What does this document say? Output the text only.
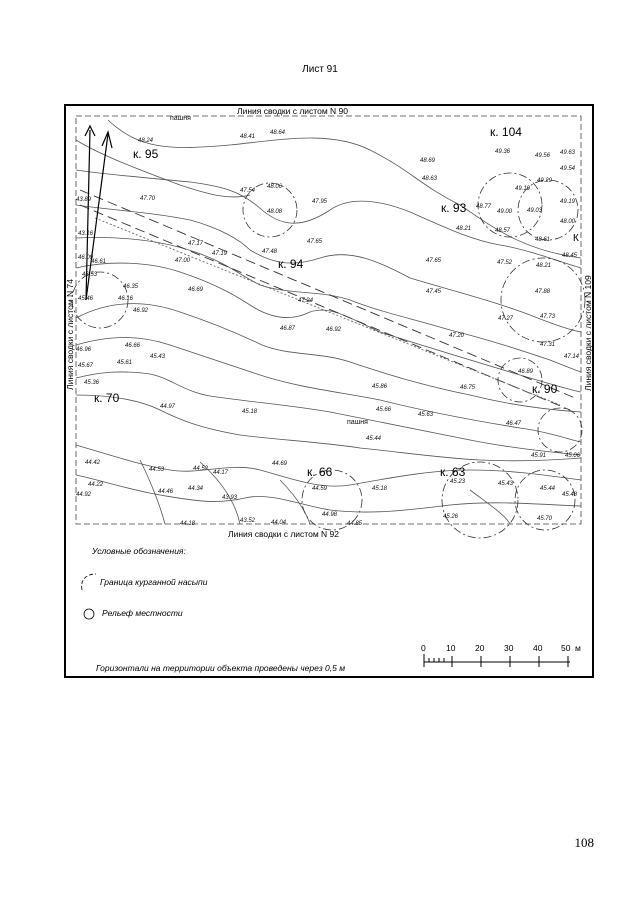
Лист 91
48.24
48.64
48.41
48.69
48.63
49.36
49.56 49.63
49.54
49.29
49.19
49.19
47.70
47.54
48.06
48.08
47.95
48.77
49.00 49.03
48.00
48.21	48.57
48.61
47.48
47.65
47.17
47.19
47.00	47.65	47.52
48.45
48.21
47.88
46.61
46.53
46.35	46.69
47.24
47.45
46.16
46.92
46.87	46.92
47.27	47.73
46.66
46.96
45.61
45.43
45.67
47.20
47.31
47.14
45.36
45.86	46.75
46.89
44.97
45.18	45.66
45.63
46.47
45.44
45.91
44.42
44.53	44.52
44.17
44.69
44.22
44.46 44.34
43.93
44.59	45.18
45.23	45.43
45.44
45.48
44.18	43.52	44.04
44.98
44.85
45.26	45.70
43.16
46.09
43.89
45.46
44.92
45.06
к. 95
к. 104
к. 93
к. 94
к. 70
к. 90
к. 66	к. 63
К
пашня
пашня
Линия сводки с листом N 90
Линия сводки с листом N 92
Линия сводки с листом N 74	Линия сводки с листом N 109
Условные обозначения:
Граница курганной насыпи
Рельеф местности
Горизонтали на территории объекта проведены через 0,5 м
0 10 20 30 40 50 м
108
